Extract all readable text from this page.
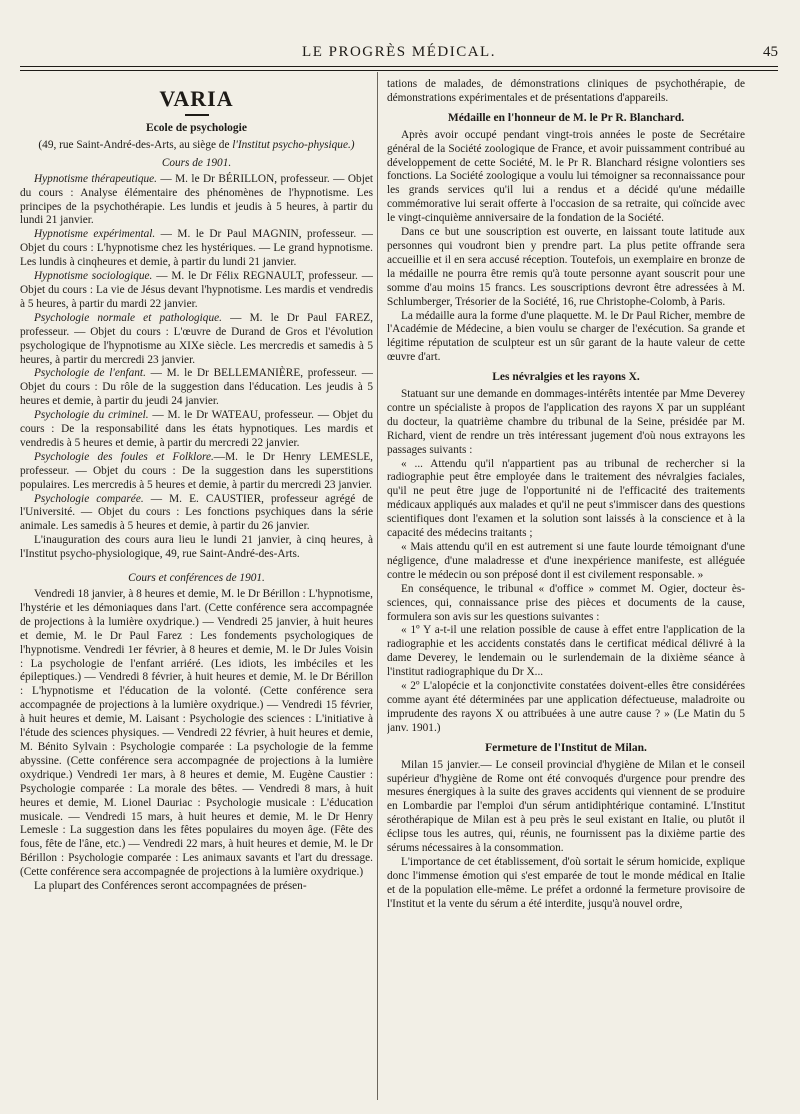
LE PROGRÈS MÉDICAL.	45
VARIA
Ecole de psychologie

(49, rue Saint-André-des-Arts, au siège de l'Institut psycho-physique.)

Cours de 1901.

Hypnotisme thérapeutique. — M. le Dr BÉRILLON, professeur. — Objet du cours : Analyse élémentaire des phénomènes de l'hypnotisme. Les principes de la psychothérapie. Les lundis et jeudis à 5 heures, à partir du lundi 21 janvier.

Hypnotisme expérimental. — M. le Dr Paul MAGNIN, professeur. — Objet du cours : L'hypnotisme chez les hystériques. — Le grand hypnotisme. Les lundis à cinqheures et demie, à partir du lundi 21 janvier.

Hypnotisme sociologique. — M. le Dr Félix REGNAULT, professeur. — Objet du cours : La vie de Jésus devant l'hypnotisme. Les mardis et vendredis à 5 heures, à partir du mardi 22 janvier.

Psychologie normale et pathologique. — M. le Dr Paul FAREZ, professeur. — Objet du cours : L'œuvre de Durand de Gros et l'évolution psychologique de l'hypnotisme au XIXe siècle. Les mercredis et samedis à 5 heures, à partir du mercredi 23 janvier.

Psychologie de l'enfant. — M. le Dr BELLEMANIÈRE, professeur. — Objet du cours : Du rôle de la suggestion dans l'éducation. Les jeudis à 5 heures et demie, à partir du jeudi 24 janvier.

Psychologie du criminel. — M. le Dr WATEAU, professeur. — Objet du cours : De la responsabilité dans les états hypnotiques. Les mardis et vendredis à 5 heures et demie, à partir du mercredi 22 janvier.

Psychologie des foules et Folklore.—M. le Dr Henry LEMESLE, professeur. — Objet du cours : De la suggestion dans les superstitions populaires. Les mercredis à 5 heures et demie, à partir du mercredi 23 janvier.

Psychologie comparée. — M. E. CAUSTIER, professeur agrégé de l'Université. — Objet du cours : Les fonctions psychiques dans la série animale. Les samedis à 5 heures et demie, à partir du 26 janvier.

L'inauguration des cours aura lieu le lundi 21 janvier, à cinq heures, à l'Institut psycho-physiologique, 49, rue Saint-André-des-Arts.

Cours et conférences de 1901.

Vendredi 18 janvier, à 8 heures et demie, M. le Dr Bérillon : L'hypnotisme, l'hystérie et les démoniaques dans l'art. (Cette conférence sera accompagnée de projections à la lumière oxydrique.) — Vendredi 25 janvier, à huit heures et demie, M. le Dr Paul Farez : Les fondements psychologiques de l'hypnotisme. Vendredi 1er février, à 8 heures et demie, M. le Dr Jules Voisin : La psychologie de l'enfant arriéré. (Les idiots, les imbéciles et les épileptiques.) — Vendredi 8 février, à huit heures et demie, M. le Dr Bérillon : L'hypnotisme et l'éducation de la volonté. (Cette conférence sera accompagnée de projections à la lumière oxydrique.) — Vendredi 15 février, à huit heures et demie, M. Laisant : Psychologie des sciences : L'initiative à l'étude des sciences physiques. — Vendredi 22 février, à huit heures et demie, M. Bénito Sylvain : Psychologie comparée : La psychologie de la femme abyssine. (Cette conférence sera accompagnée de projections à la lumière oxydrique.) Vendredi 1er mars, à 8 heures et demie, M. Eugène Caustier : Psychologie comparée : La morale des bêtes. — Vendredi 8 mars, à huit heures et demie, M. Lionel Dauriac : Psychologie musicale : L'éducation musicale. — Vendredi 15 mars, à huit heures et demie, M. le Dr Henry Lemesle : La suggestion dans les fêtes populaires du moyen âge. (Fête des fous, fête de l'âne, etc.) — Vendredi 22 mars, à huit heures et demie, M. le Dr Bérillon : Psychologie comparée : Les animaux savants et l'art du dressage. (Cette conférence sera accompagnée de projections à la lumière oxydrique.)

La plupart des Conférences seront accompagnées de présen-

tations de malades, de démonstrations cliniques de psychothérapie, de démonstrations expérimentales et de présentations d'appareils.

Médaille en l'honneur de M. le Pr R. Blanchard.

Après avoir occupé pendant vingt-trois années le poste de Secrétaire général de la Société zoologique de France, et avoir puissamment contribué au développement de cette Société, M. le Pr R. Blanchard résigne volontiers ses fonctions. La Société zoologique a voulu lui témoigner sa reconnaissance pour les grands services qu'il lui a rendus et a décidé qu'une médaille commémorative lui serait offerte à l'occasion de sa retraite, qui coïncide avec le vingt-cinquième anniversaire de la fondation de la Société.

Dans ce but une souscription est ouverte, en laissant toute latitude aux personnes qui voudront bien y prendre part. La plus petite offrande sera accueillie et il en sera accusé réception. Toutefois, un exemplaire en bronze de la médaille ne pourra être remis qu'à toute personne ayant souscrit pour une somme d'au moins 15 francs. Les souscriptions devront être adressées à M. Schlumberger, Trésorier de la Société, 16, rue Christophe-Colomb, à Paris.

La médaille aura la forme d'une plaquette. M. le Dr Paul Richer, membre de l'Académie de Médecine, a bien voulu se charger de l'exécution. Sa grande et légitime réputation de sculpteur est un sûr garant de la haute valeur de cette œuvre d'art.

Les névralgies et les rayons X.

Statuant sur une demande en dommages-intérêts intentée par Mme Deverey contre un spécialiste à propos de l'application des rayons X par un suppléant du docteur, la quatrième chambre du tribunal de la Seine, présidée par M. Richard, vient de rendre un très intéressant jugement d'où nous extrayons les passages suivants :

« ... Attendu qu'il n'appartient pas au tribunal de rechercher si la radiographie peut être employée dans le traitement des névralgies faciales, qu'il ne peut être juge de l'opportunité ni de l'efficacité des traitements médicaux appliqués aux malades et qu'il ne peut s'immiscer dans des questions scientifiques dont l'examen et la solution sont laissés à la conscience et à la capacité des médecins traitants ;

« Mais attendu qu'il en est autrement si une faute lourde témoignant d'une négligence, d'une maladresse et d'une inexpérience manifeste, est alléguée contre le médecin ou son préposé dont il est civilement responsable. »

En conséquence, le tribunal « d'office » commet M. Ogier, docteur ès-sciences, qui, connaissance prise des pièces et documents de la cause, formulera son avis sur les questions suivantes :

« 1º Y a-t-il une relation possible de cause à effet entre l'application de la radiographie et les accidents constatés dans le certificat médical délivré à la dame Deverey, le lendemain ou le surlendemain de la dixième séance à l'institut radiographique du Dr X...

« 2º L'alopécie et la conjonctivite constatées doivent-elles être considérées comme ayant été déterminées par une application défectueuse, maladroite ou imprudente des rayons X ou attribuées à une autre cause ? » (Le Matin du 5 janv. 1901.)

Fermeture de l'Institut de Milan.

Milan 15 janvier.— Le conseil provincial d'hygiène de Milan et le conseil supérieur d'hygiène de Rome ont été convoqués d'urgence pour prendre des mesures énergiques à la suite des graves accidents qui viennent de se produire en Lombardie par l'emploi d'un sérum antidiphtérique contaminé. L'Institut sérothérapique de Milan est à peu près le seul existant en Italie, ou plutôt il éclipse tous les autres, qui, réunis, ne fournissent pas la dixième partie des sérums nécessaires à la consommation.

L'importance de cet établissement, d'où sortait le sérum homicide, explique donc l'immense émotion qui s'est emparée de tout le monde médical en Italie et de la population elle-même. Le préfet a ordonné la fermeture provisoire de l'Institut et la vente du sérum a été interdite, jusqu'à nouvel ordre,
